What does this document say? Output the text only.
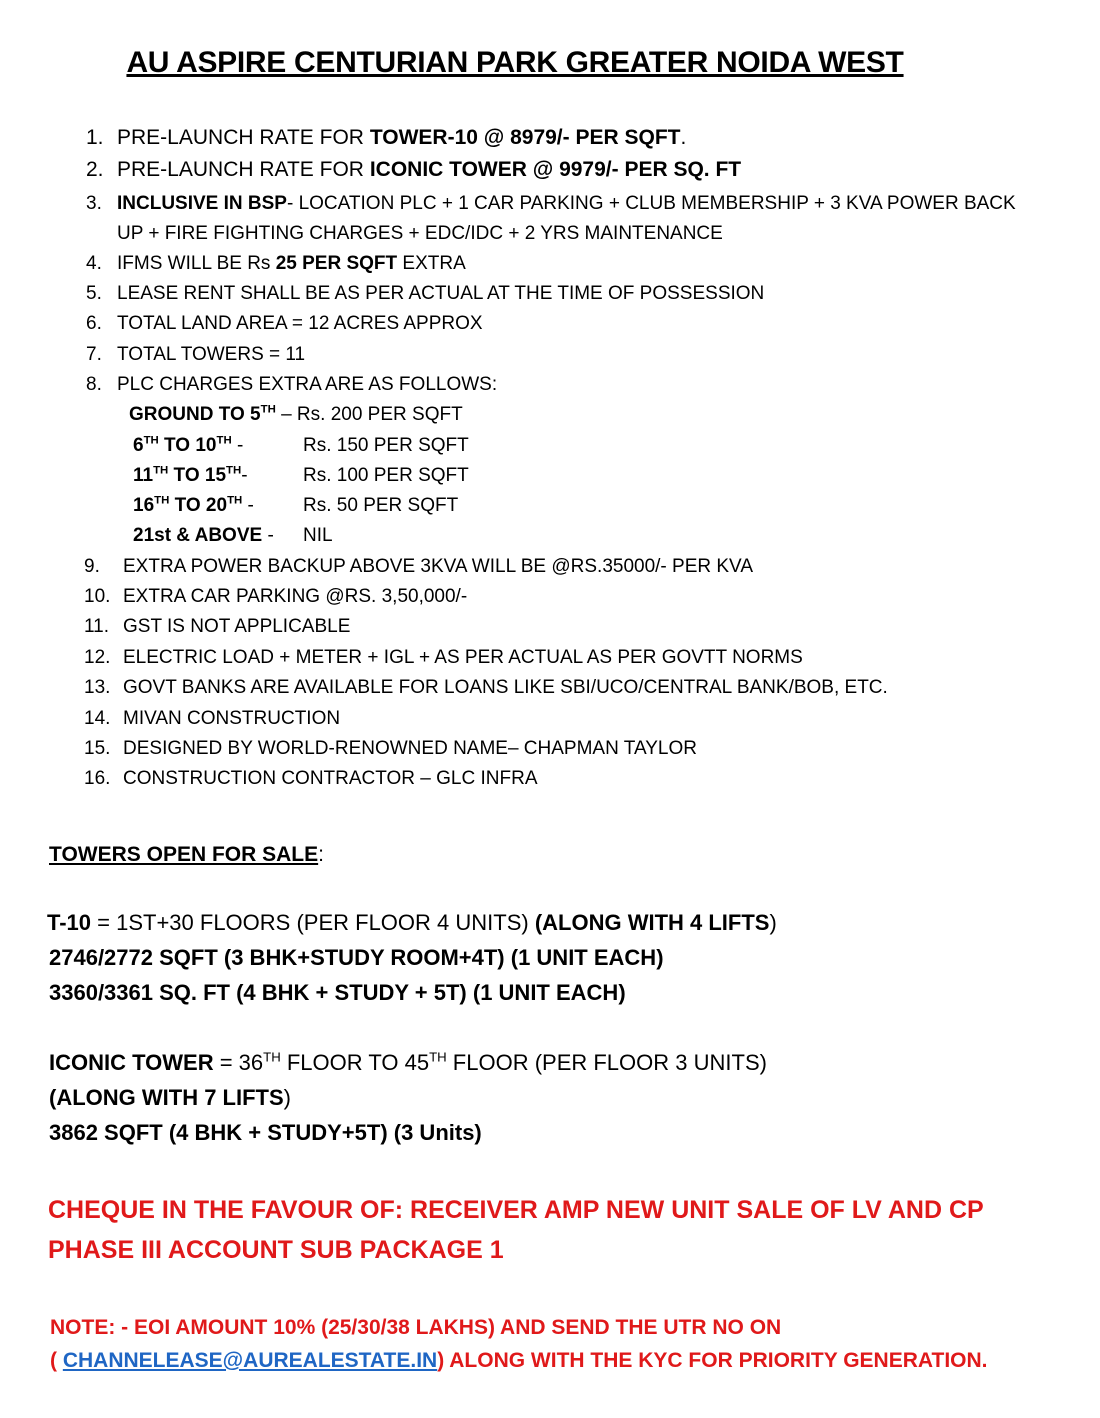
AU ASPIRE CENTURIAN PARK GREATER NOIDA WEST
1. PRE-LAUNCH RATE FOR TOWER-10 @ 8979/- PER SQFT.
2. PRE-LAUNCH RATE FOR ICONIC TOWER @ 9979/- PER SQ. FT
3. INCLUSIVE IN BSP- LOCATION PLC + 1 CAR PARKING + CLUB MEMBERSHIP + 3 KVA POWER BACK
UP + FIRE FIGHTING CHARGES + EDC/IDC + 2 YRS MAINTENANCE
4. IFMS WILL BE Rs 25 PER SQFT EXTRA
5. LEASE RENT SHALL BE AS PER ACTUAL AT THE TIME OF POSSESSION
6. TOTAL LAND AREA = 12 ACRES APPROX
7. TOTAL TOWERS = 11
8. PLC CHARGES EXTRA ARE AS FOLLOWS:
GROUND TO 5TH – Rs. 200 PER SQFT
6TH TO 10TH -	Rs. 150 PER SQFT
11TH TO 15TH-	Rs. 100 PER SQFT
16TH TO 20TH -	Rs. 50 PER SQFT
21st & ABOVE - NIL
9. EXTRA POWER BACKUP ABOVE 3KVA WILL BE @RS.35000/- PER KVA
10. EXTRA CAR PARKING @RS. 3,50,000/-
11. GST IS NOT APPLICABLE
12. ELECTRIC LOAD + METER + IGL + AS PER ACTUAL AS PER GOVTT NORMS
13. GOVT BANKS ARE AVAILABLE FOR LOANS LIKE SBI/UCO/CENTRAL BANK/BOB, ETC.
14. MIVAN CONSTRUCTION
15. DESIGNED BY WORLD-RENOWNED NAME– CHAPMAN TAYLOR
16. CONSTRUCTION CONTRACTOR – GLC INFRA
TOWERS OPEN FOR SALE:
T-10 = 1ST+30 FLOORS (PER FLOOR 4 UNITS) (ALONG WITH 4 LIFTS)
2746/2772 SQFT (3 BHK+STUDY ROOM+4T) (1 UNIT EACH)
3360/3361 SQ. FT (4 BHK + STUDY + 5T) (1 UNIT EACH)
ICONIC TOWER = 36TH FLOOR TO 45TH FLOOR (PER FLOOR 3 UNITS)
(ALONG WITH 7 LIFTS)
3862 SQFT (4 BHK + STUDY+5T) (3 Units)
CHEQUE IN THE FAVOUR OF: RECEIVER AMP NEW UNIT SALE OF LV AND CP
PHASE III ACCOUNT SUB PACKAGE 1
NOTE: - EOI AMOUNT 10% (25/30/38 LAKHS) AND SEND THE UTR NO ON
( CHANNELEASE@AUREALESTATE.IN) ALONG WITH THE KYC FOR PRIORITY GENERATION.
